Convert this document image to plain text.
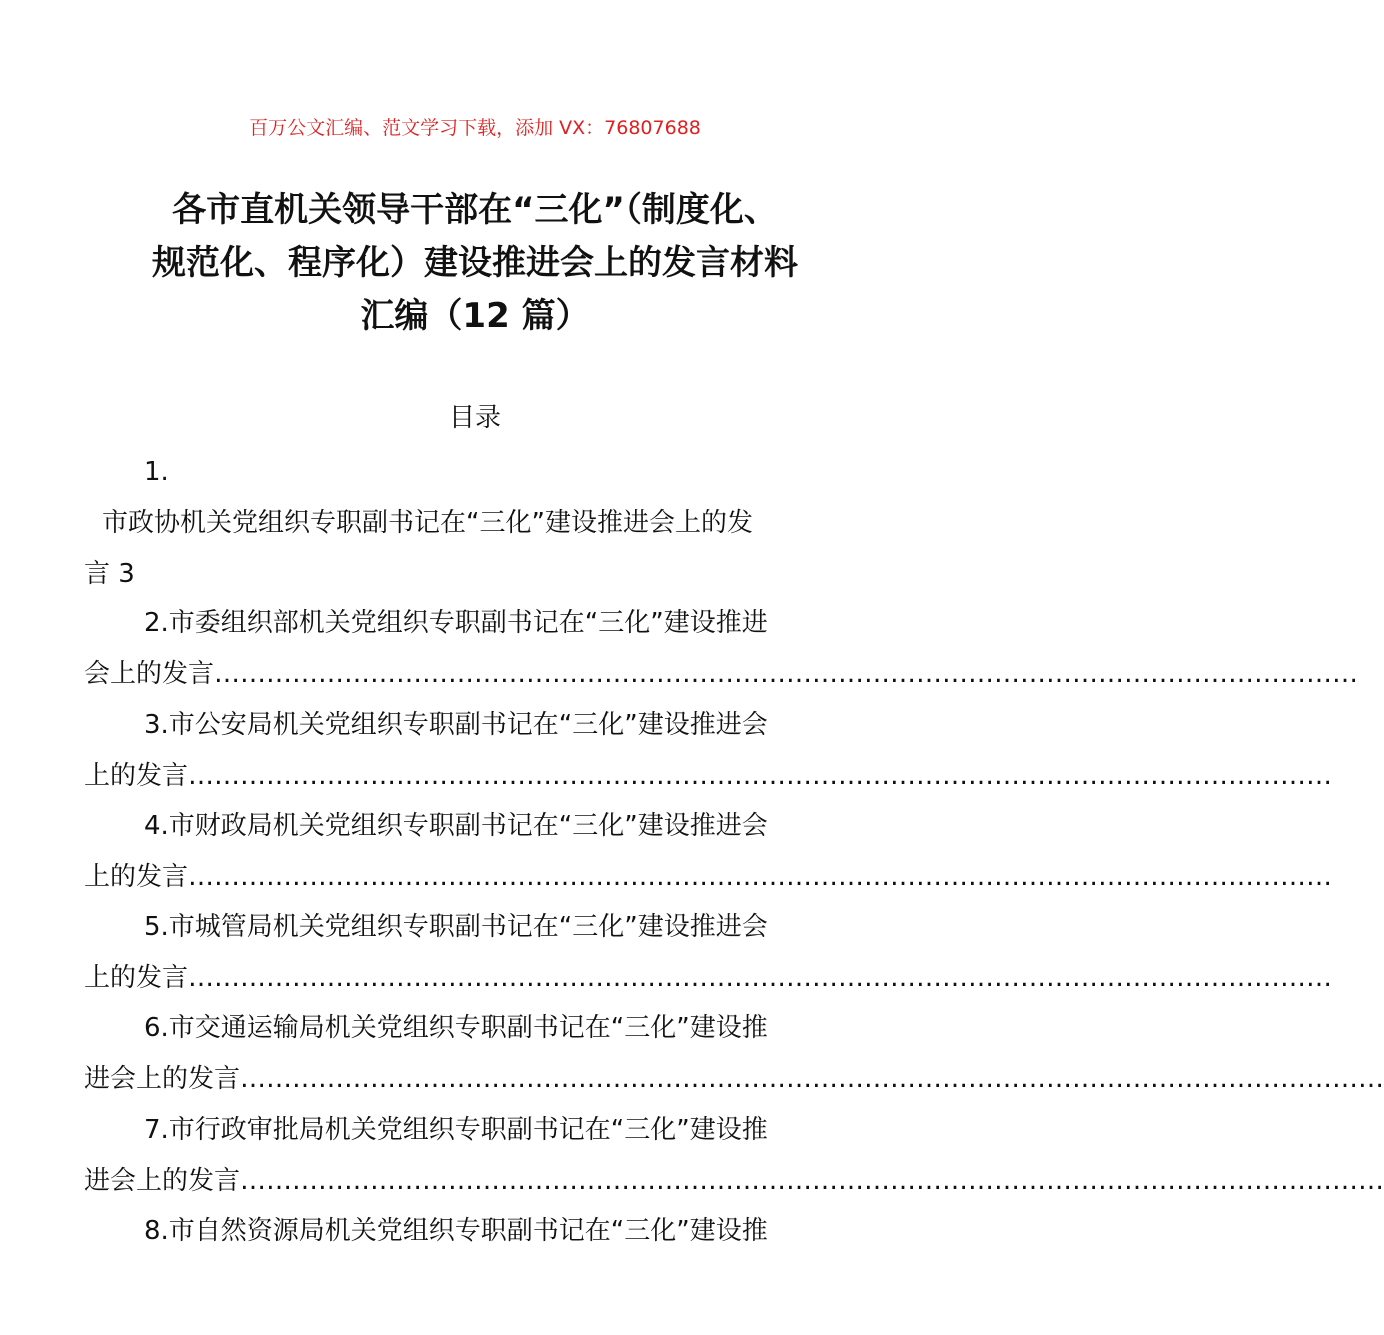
百万公文汇编、范文学习下载，添加 VX：76807688
各市直机关领导干部在“三化”（制度化、
规范化、程序化）建设推进会上的发言材料
汇编（12 篇）
目录
1.
市政协机关党组织专职副书记在“三化”建设推进会上的发
言 3
2.市委组织部机关党组织专职副书记在“三化”建设推进
会上的发言……………………………………………………………………………………………………………………
3.市公安局机关党组织专职副书记在“三化”建设推进会
上的发言……………………………………………………………………………………………………………………
4.市财政局机关党组织专职副书记在“三化”建设推进会
上的发言……………………………………………………………………………………………………………………
5.市城管局机关党组织专职副书记在“三化”建设推进会
上的发言……………………………………………………………………………………………………………………
6.市交通运输局机关党组织专职副书记在“三化”建设推
进会上的发言……………………………………………………………………………………………………………………
7.市行政审批局机关党组织专职副书记在“三化”建设推
进会上的发言……………………………………………………………………………………………………………………
8.市自然资源局机关党组织专职副书记在“三化”建设推
